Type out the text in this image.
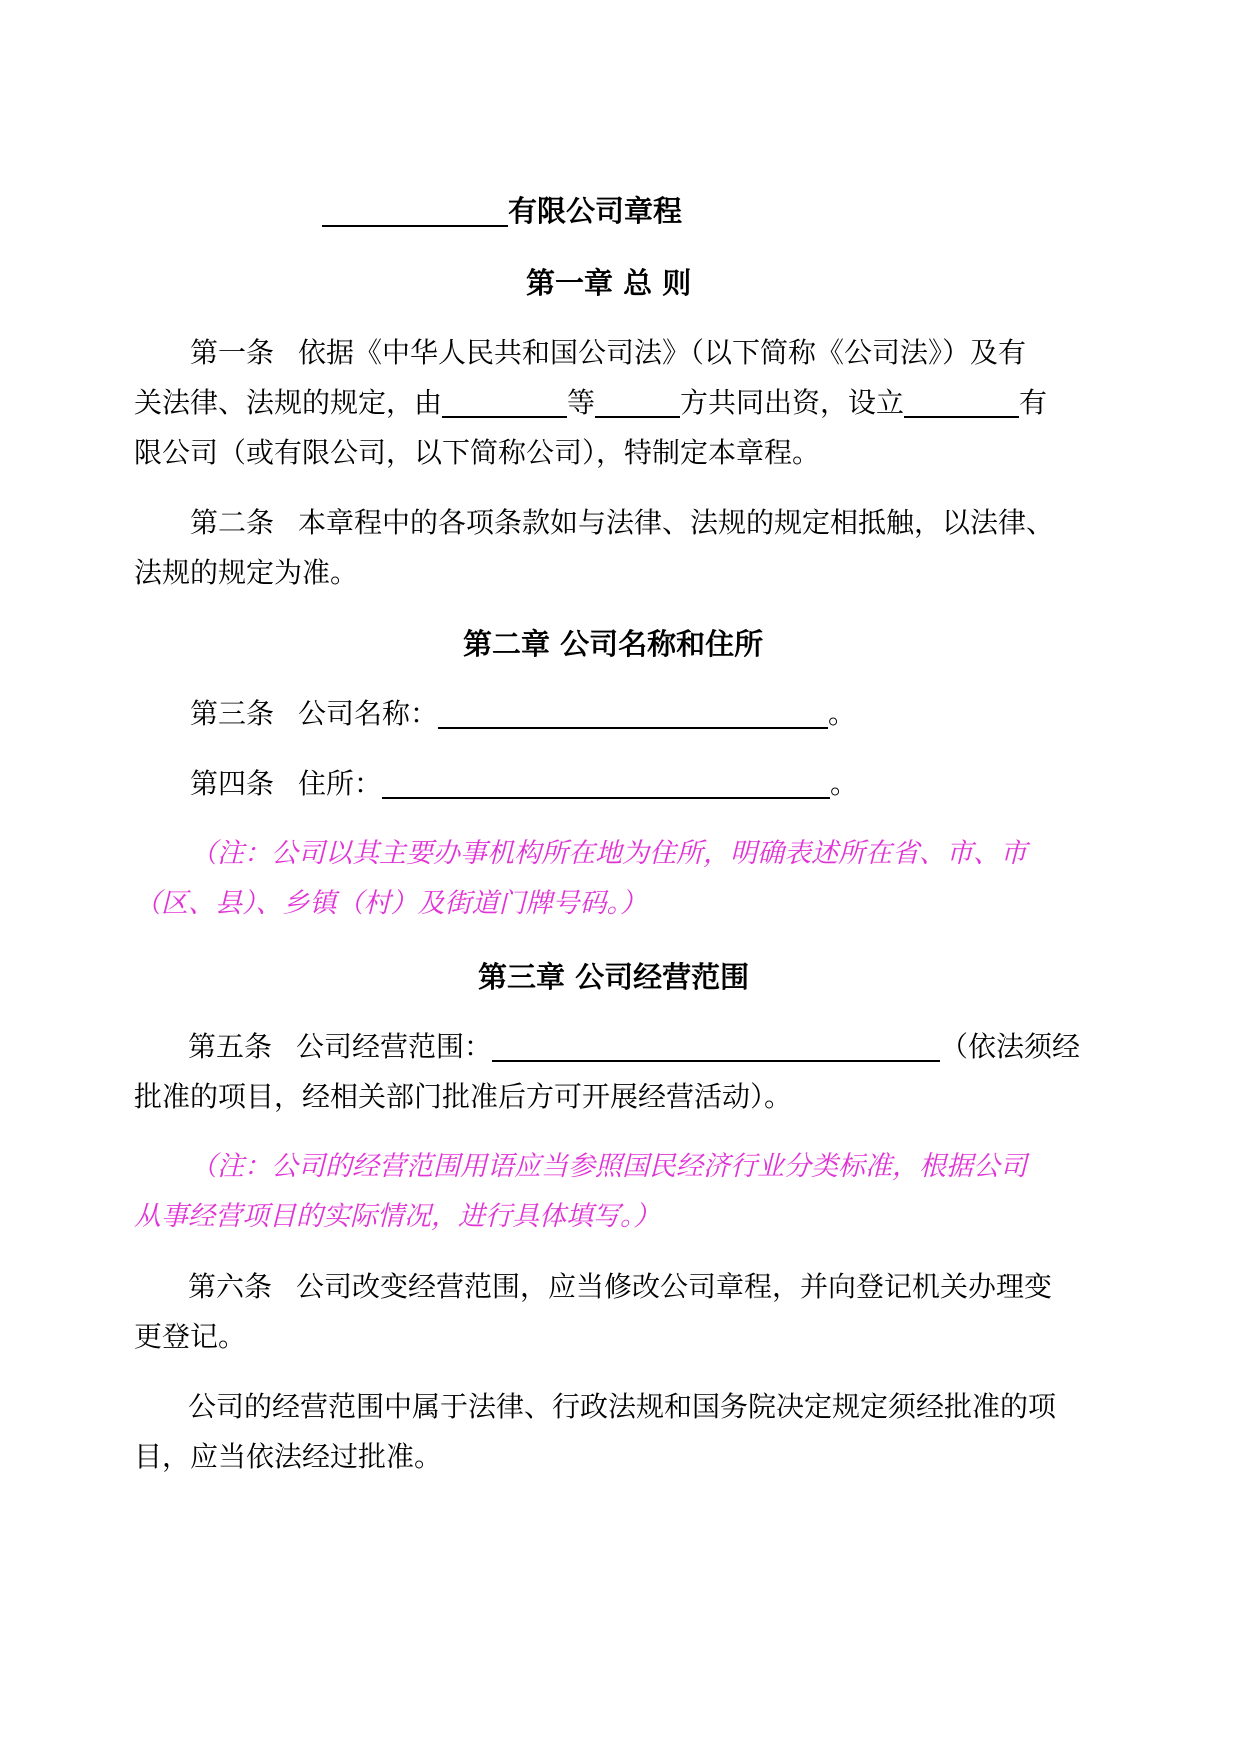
有限公司章程
第一章 总 则
第一条 依据《中华人民共和国公司法》（以下简称《公司法》）及有
关法律、法规的规定，由	等	方共同出资，设立	有
限公司（或有限公司，以下简称公司），特制定本章程。
第二条 本章程中的各项条款如与法律、法规的规定相抵触，以法律、
法规的规定为准。
第二章 公司名称和住所
第三条 公司名称：	。
第四条 住所：	。
（注：公司以其主要办事机构所在地为住所，明确表述所在省、市、市
（区、县）、乡镇（村）及街道门牌号码。）
第三章 公司经营范围
第五条 公司经营范围：	（依法须经
批准的项目，经相关部门批准后方可开展经营活动）。
（注：公司的经营范围用语应当参照国民经济行业分类标准，根据公司
从事经营项目的实际情况，进行具体填写。）
第六条 公司改变经营范围，应当修改公司章程，并向登记机关办理变
更登记。
公司的经营范围中属于法律、行政法规和国务院决定规定须经批准的项
目，应当依法经过批准。
